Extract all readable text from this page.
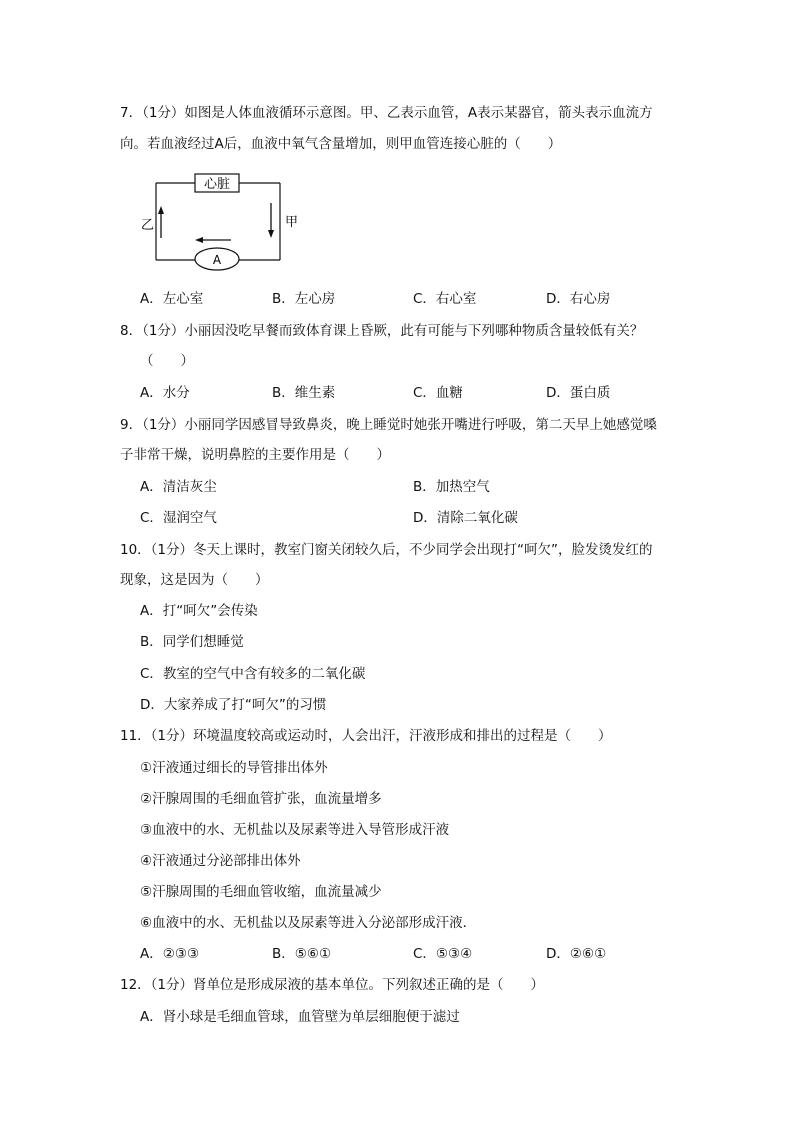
7．（1分）如图是人体血液循环示意图。甲、乙表示血管，A表示某器官，箭头表示血流方
向。若血液经过A后，血液中氧气含量增加，则甲血管连接心脏的（　　）
心脏
A
乙	甲
A．左心室	B．左心房	C．右心室	D．右心房
8．（1分）小丽因没吃早餐而致体育课上昏厥，此有可能与下列哪种物质含量较低有关？
（　　）
A．水分	B．维生素	C．血糖	D．蛋白质
9．（1分）小丽同学因感冒导致鼻炎，晚上睡觉时她张开嘴进行呼吸，第二天早上她感觉嗓
子非常干燥，说明鼻腔的主要作用是（　　）
A．清洁灰尘	B．加热空气
C．湿润空气	D．清除二氧化碳
10．（1分）冬天上课时，教室门窗关闭较久后，不少同学会出现打“呵欠”，脸发烫发红的
现象，这是因为（　　）
A．打“呵欠”会传染
B．同学们想睡觉
C．教室的空气中含有较多的二氧化碳
D．大家养成了打“呵欠”的习惯
11．（1分）环境温度较高或运动时，人会出汗，汗液形成和排出的过程是（　　）
①汗液通过细长的导管排出体外
②汗腺周围的毛细血管扩张，血流量增多
③血液中的水、无机盐以及尿素等进入导管形成汗液
④汗液通过分泌部排出体外
⑤汗腺周围的毛细血管收缩，血流量减少
⑥血液中的水、无机盐以及尿素等进入分泌部形成汗液．
A．②③③	B．⑤⑥①	C．⑤③④	D．②⑥①
12．（1分）肾单位是形成尿液的基本单位。下列叙述正确的是（　　）
A．肾小球是毛细血管球，血管壁为单层细胞便于滤过
